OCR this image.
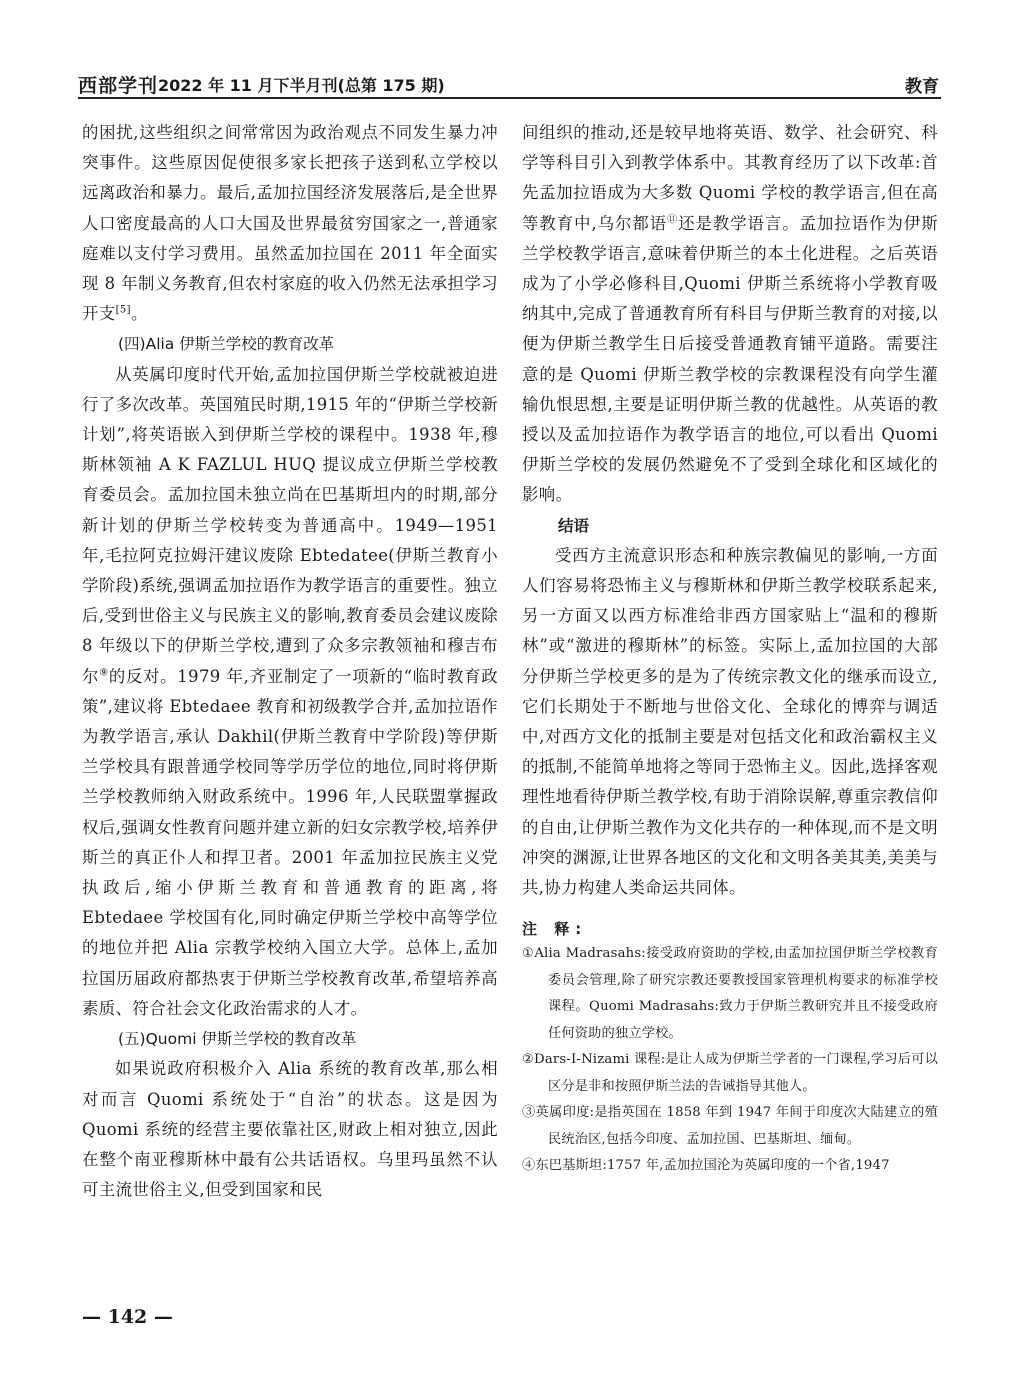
西部学刊 2022 年 11 月下半月刊(总第 175 期)	教育
的困扰,这些组织之间常常因为政治观点不同发生暴力冲突事件。这些原因促使很多家长把孩子送到私立学校以远离政治和暴力。最后,孟加拉国经济发展落后,是全世界人口密度最高的人口大国及世界最贫穷国家之一,普通家庭难以支付学习费用。虽然孟加拉国在 2011 年全面实现 8 年制义务教育,但农村家庭的收入仍然无法承担学习开支[5]。
(四)Alia 伊斯兰学校的教育改革
从英属印度时代开始,孟加拉国伊斯兰学校就被迫进行了多次改革。英国殖民时期,1915 年的“伊斯兰学校新计划”,将英语嵌入到伊斯兰学校的课程中。1938 年,穆斯林领袖 A K FAZLUL HUQ 提议成立伊斯兰学校教育委员会。孟加拉国未独立尚在巴基斯坦内的时期,部分新计划的伊斯兰学校转变为普通高中。1949—1951 年,毛拉阿克拉姆汗建议废除 Ebtedatee(伊斯兰教育小学阶段)系统,强调孟加拉语作为教学语言的重要性。独立后,受到世俗主义与民族主义的影响,教育委员会建议废除 8 年级以下的伊斯兰学校,遭到了众多宗教领袖和穆吉布尔⑨的反对。1979 年,齐亚制定了一项新的“临时教育政策”,建议将 Ebtedaee 教育和初级教学合并,孟加拉语作为教学语言,承认 Dakhil(伊斯兰教育中学阶段)等伊斯兰学校具有跟普通学校同等学历学位的地位,同时将伊斯兰学校教师纳入财政系统中。1996 年,人民联盟掌握政权后,强调女性教育问题并建立新的妇女宗教学校,培养伊斯兰的真正仆人和捍卫者。2001 年孟加拉民族主义党执政后,缩小伊斯兰教育和普通教育的距离,将 Ebtedaee 学校国有化,同时确定伊斯兰学校中高等学位的地位并把 Alia 宗教学校纳入国立大学。总体上,孟加拉国历届政府都热衷于伊斯兰学校教育改革,希望培养高素质、符合社会文化政治需求的人才。
(五)Quomi 伊斯兰学校的教育改革
如果说政府积极介入 Alia 系统的教育改革,那么相对而言 Quomi 系统处于“自治”的状态。这是因为 Quomi 系统的经营主要依靠社区,财政上相对独立,因此在整个南亚穆斯林中最有公共话语权。乌里玛虽然不认可主流世俗主义,但受到国家和民
间组织的推动,还是较早地将英语、数学、社会研究、科学等科目引入到教学体系中。其教育经历了以下改革:首先孟加拉语成为大多数 Quomi 学校的教学语言,但在高等教育中,乌尔都语⑪还是教学语言。孟加拉语作为伊斯兰学校教学语言,意味着伊斯兰的本土化进程。之后英语成为了小学必修科目,Quomi 伊斯兰系统将小学教育吸纳其中,完成了普通教育所有科目与伊斯兰教育的对接,以便为伊斯兰教学生日后接受普通教育铺平道路。需要注意的是 Quomi 伊斯兰教学校的宗教课程没有向学生灌输仇恨思想,主要是证明伊斯兰教的优越性。从英语的教授以及孟加拉语作为教学语言的地位,可以看出 Quomi 伊斯兰学校的发展仍然避免不了受到全球化和区域化的影响。
结语
受西方主流意识形态和种族宗教偏见的影响,一方面人们容易将恐怖主义与穆斯林和伊斯兰教学校联系起来,另一方面又以西方标准给非西方国家贴上“温和的穆斯林”或“激进的穆斯林”的标签。实际上,孟加拉国的大部分伊斯兰学校更多的是为了传统宗教文化的继承而设立,它们长期处于不断地与世俗文化、全球化的博弈与调适中,对西方文化的抵制主要是对包括文化和政治霸权主义的抵制,不能简单地将之等同于恐怖主义。因此,选择客观理性地看待伊斯兰教学校,有助于消除误解,尊重宗教信仰的自由,让伊斯兰教作为文化共存的一种体现,而不是文明冲突的渊源,让世界各地区的文化和文明各美其美,美美与共,协力构建人类命运共同体。
注 释:
①Alia Madrasahs:接受政府资助的学校,由孟加拉国伊斯兰学校教育委员会管理,除了研究宗教还要教授国家管理机构要求的标准学校课程。Quomi Madrasahs:致力于伊斯兰教研究并且不接受政府任何资助的独立学校。
②Dars-I-Nizami 课程:是让人成为伊斯兰学者的一门课程,学习后可以区分是非和按照伊斯兰法的告诫指导其他人。
③英属印度:是指英国在 1858 年到 1947 年间于印度次大陆建立的殖民统治区,包括今印度、孟加拉国、巴基斯坦、缅甸。
④东巴基斯坦:1757 年,孟加拉国沦为英属印度的一个省,1947
— 142 —
